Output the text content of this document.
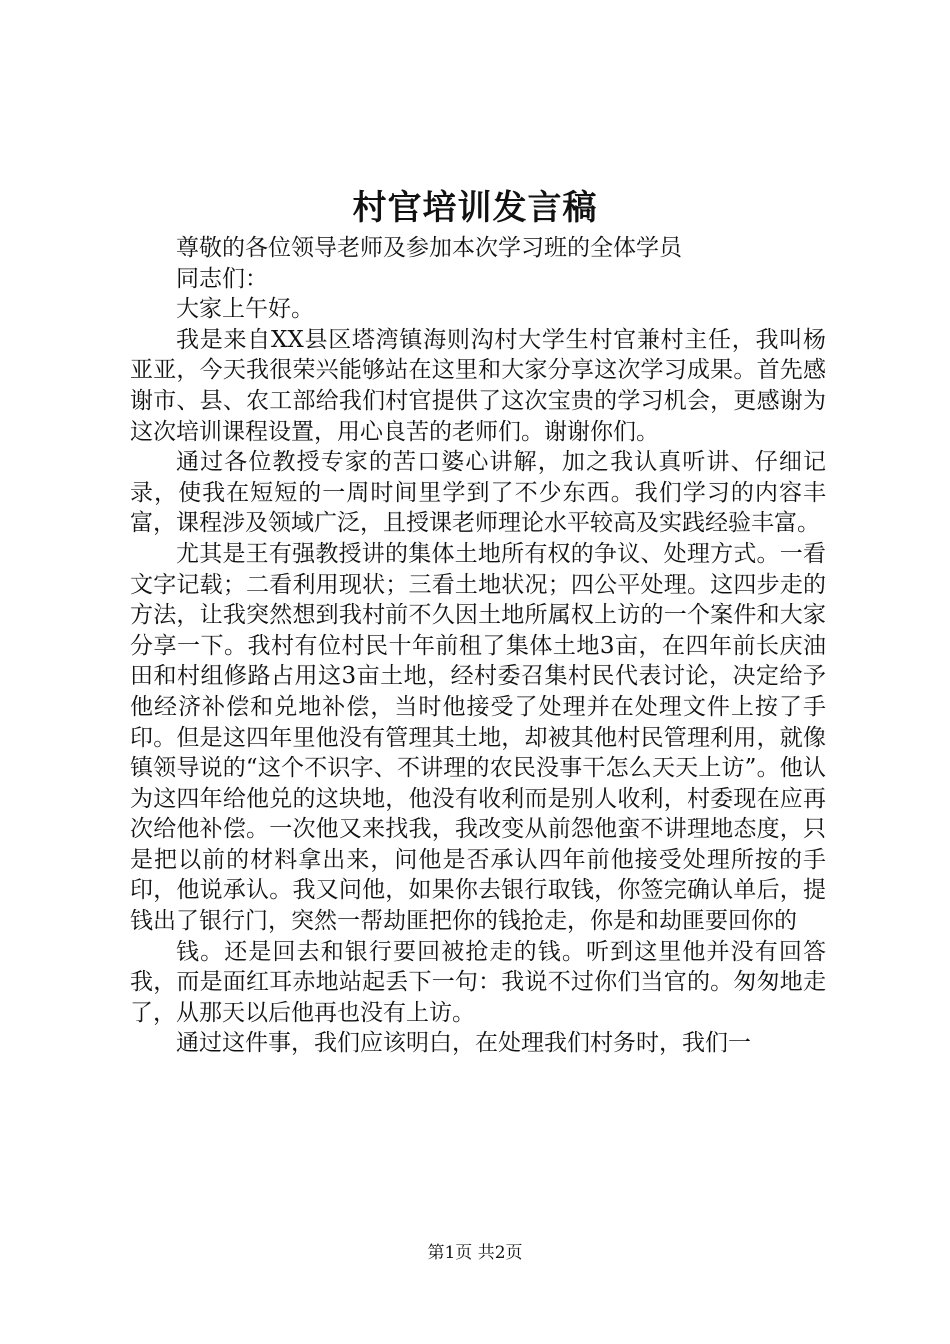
村官培训发言稿

尊敬的各位领导老师及参加本次学习班的全体学员

同志们：

大家上午好。

我是来自XX县区塔湾镇海则沟村大学生村官兼村主任，我叫杨亚亚，今天我很荣兴能够站在这里和大家分享这次学习成果。首先感谢市、县、农工部给我们村官提供了这次宝贵的学习机会，更感谢为这次培训课程设置，用心良苦的老师们。谢谢你们。

通过各位教授专家的苦口婆心讲解，加之我认真听讲、仔细记录，使我在短短的一周时间里学到了不少东西。我们学习的内容丰富，课程涉及领域广泛，且授课老师理论水平较高及实践经验丰富。

尤其是王有强教授讲的集体土地所有权的争议、处理方式。一看文字记载；二看利用现状；三看土地状况；四公平处理。这四步走的方法，让我突然想到我村前不久因土地所属权上访的一个案件和大家分享一下。我村有位村民十年前租了集体土地3亩，在四年前长庆油田和村组修路占用这3亩土地，经村委召集村民代表讨论，决定给予他经济补偿和兑地补偿，当时他接受了处理并在处理文件上按了手印。但是这四年里他没有管理其土地，却被其他村民管理利用，就像镇领导说的“这个不识字、不讲理的农民没事干怎么天天上访”。他认为这四年给他兑的这块地，他没有收利而是别人收利，村委现在应再次给他补偿。一次他又来找我，我改变从前怨他蛮不讲理地态度，只是把以前的材料拿出来，问他是否承认四年前他接受处理所按的手印，他说承认。我又问他，如果你去银行取钱，你签完确认单后，提钱出了银行门，突然一帮劫匪把你的钱抢走，你是和劫匪要回你的

钱。还是回去和银行要回被抢走的钱。听到这里他并没有回答我，而是面红耳赤地站起丢下一句：我说不过你们当官的。匆匆地走了，从那天以后他再也没有上访。

通过这件事，我们应该明白，在处理我们村务时，我们一

第1页 共2页
